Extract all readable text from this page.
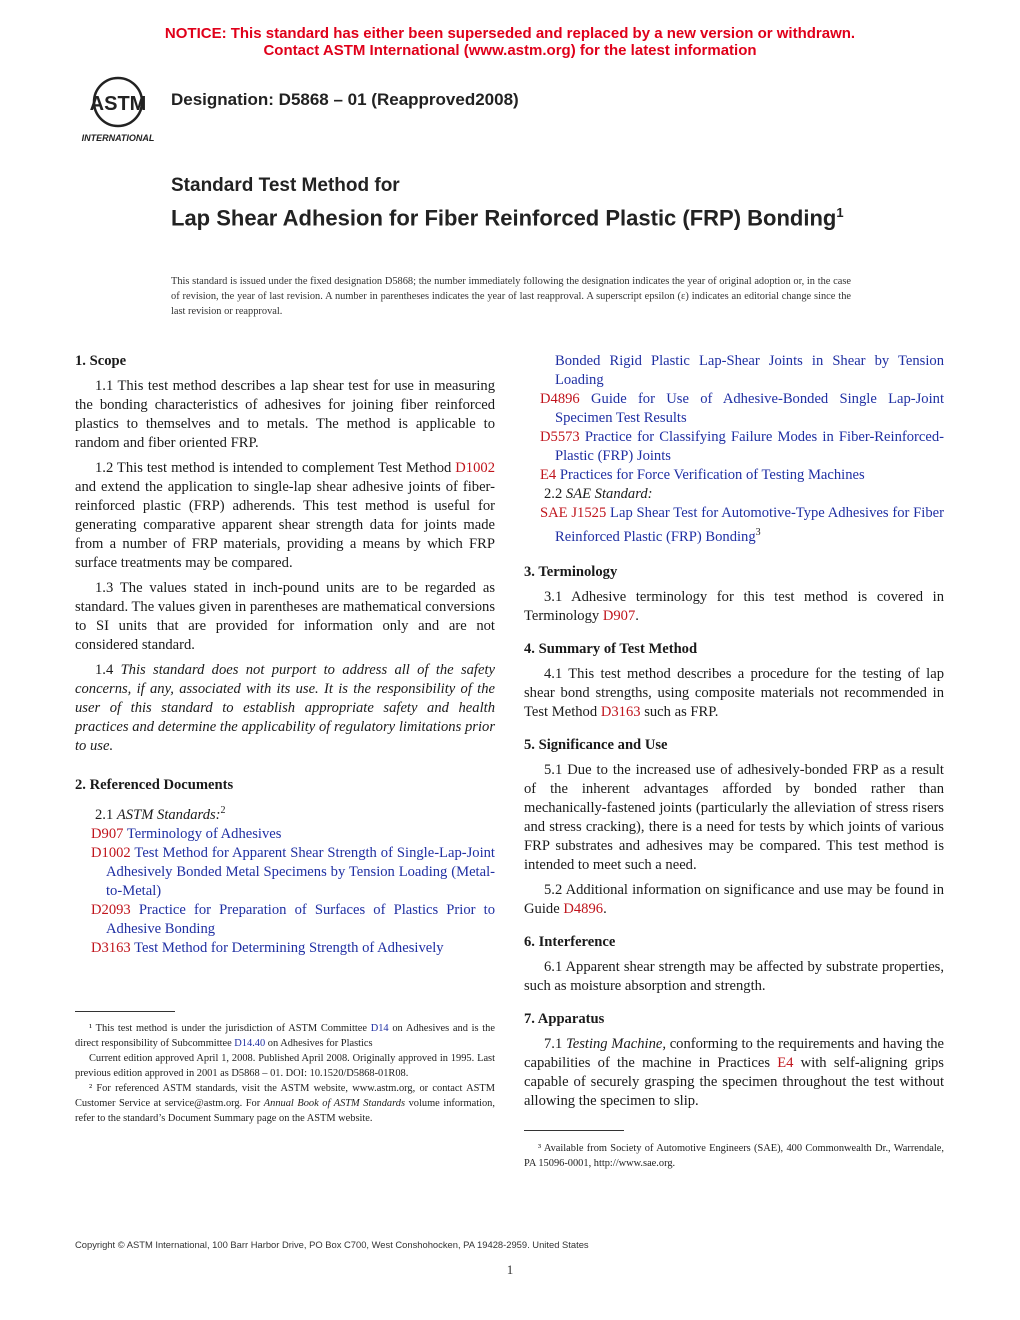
NOTICE: This standard has either been superseded and replaced by a new version or withdrawn.
Contact ASTM International (www.astm.org) for the latest information
ASTM
INTERNATIONAL
Designation: D5868 – 01 (Reapproved2008)
Standard Test Method for
Lap Shear Adhesion for Fiber Reinforced Plastic (FRP) Bonding$^1$
This standard is issued under the fixed designation D5868; the number immediately following the designation indicates the year of original adoption or, in the case of revision, the year of last revision. A number in parentheses indicates the year of last reapproval. A superscript epsilon (ε) indicates an editorial change since the last revision or reapproval.

1. Scope

1.1 This test method describes a lap shear test for use in measuring the bonding characteristics of adhesives for joining fiber reinforced plastics to themselves and to metals. The method is applicable to random and fiber oriented FRP.

1.2 This test method is intended to complement Test Method D1002 and extend the application to single-lap shear adhesive joints of fiber-reinforced plastic (FRP) adherends. This test method is useful for generating comparative apparent shear strength data for joints made from a number of FRP materials, providing a means by which FRP surface treatments may be compared.

1.3 The values stated in inch-pound units are to be regarded as standard. The values given in parentheses are mathematical conversions to SI units that are provided for information only and are not considered standard.

1.4 This standard does not purport to address all of the safety concerns, if any, associated with its use. It is the responsibility of the user of this standard to establish appropriate safety and health practices and determine the applicability of regulatory limitations prior to use.

2. Referenced Documents

2.1 ASTM Standards:$^2$

D907 Terminology of Adhesives

D1002 Test Method for Apparent Shear Strength of Single-Lap-Joint Adhesively Bonded Metal Specimens by Tension Loading (Metal-to-Metal)

D2093 Practice for Preparation of Surfaces of Plastics Prior to Adhesive Bonding

D3163 Test Method for Determining Strength of Adhesively

¹ This test method is under the jurisdiction of ASTM Committee D14 on Adhesives and is the direct responsibility of Subcommittee D14.40 on Adhesives for Plastics

Current edition approved April 1, 2008. Published April 2008. Originally approved in 1995. Last previous edition approved in 2001 as D5868 – 01. DOI: 10.1520/D5868-01R08.

² For referenced ASTM standards, visit the ASTM website, www.astm.org, or contact ASTM Customer Service at service@astm.org. For Annual Book of ASTM Standards volume information, refer to the standard’s Document Summary page on the ASTM website.

Bonded Rigid Plastic Lap-Shear Joints in Shear by Tension Loading

D4896 Guide for Use of Adhesive-Bonded Single Lap-Joint Specimen Test Results

D5573 Practice for Classifying Failure Modes in Fiber-Reinforced-Plastic (FRP) Joints

E4 Practices for Force Verification of Testing Machines

2.2 SAE Standard:

SAE J1525 Lap Shear Test for Automotive-Type Adhesives for Fiber Reinforced Plastic (FRP) Bonding$^3$

3. Terminology

3.1 Adhesive terminology for this test method is covered in Terminology D907.

4. Summary of Test Method

4.1 This test method describes a procedure for the testing of lap shear bond strengths, using composite materials not recommended in Test Method D3163 such as FRP.

5. Significance and Use

5.1 Due to the increased use of adhesively-bonded FRP as a result of the inherent advantages afforded by bonded rather than mechanically-fastened joints (particularly the alleviation of stress risers and stress cracking), there is a need for tests by which joints of various FRP substrates and adhesives may be compared. This test method is intended to meet such a need.

5.2 Additional information on significance and use may be found in Guide D4896.

6. Interference

6.1 Apparent shear strength may be affected by substrate properties, such as moisture absorption and strength.

7. Apparatus

7.1 Testing Machine, conforming to the requirements and having the capabilities of the machine in Practices E4 with self-aligning grips capable of securely grasping the specimen throughout the test without allowing the specimen to slip.

³ Available from Society of Automotive Engineers (SAE), 400 Commonwealth Dr., Warrendale, PA 15096-0001, http://www.sae.org.

Copyright © ASTM International, 100 Barr Harbor Drive, PO Box C700, West Conshohocken, PA 19428-2959. United States
1
